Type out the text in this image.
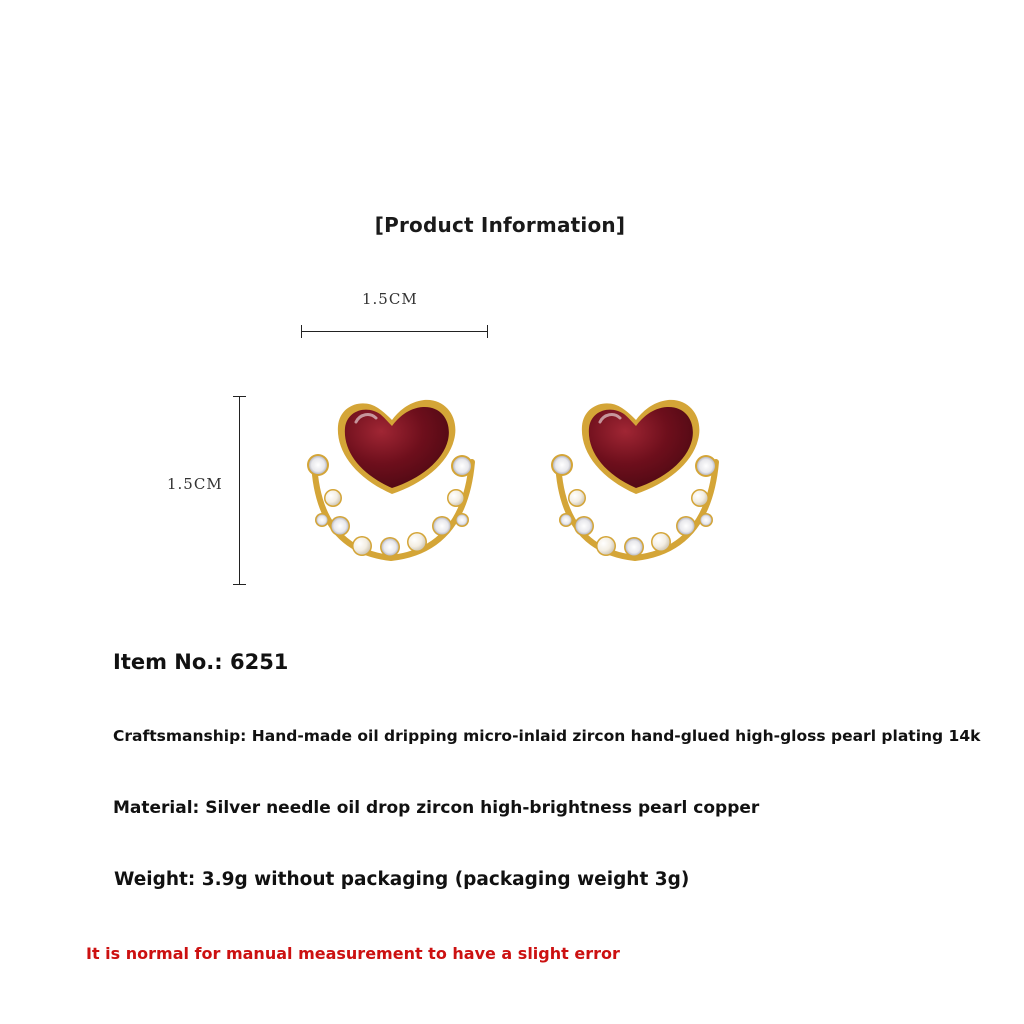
[Product Information]
1.5CM
1.5CM
Item No.: 6251
Craftsmanship: Hand-made oil dripping micro-inlaid zircon hand-glued high-gloss pearl plating 14k
Material: Silver needle oil drop zircon high-brightness pearl copper
Weight: 3.9g without packaging (packaging weight 3g)
It is normal for manual measurement to have a slight error
